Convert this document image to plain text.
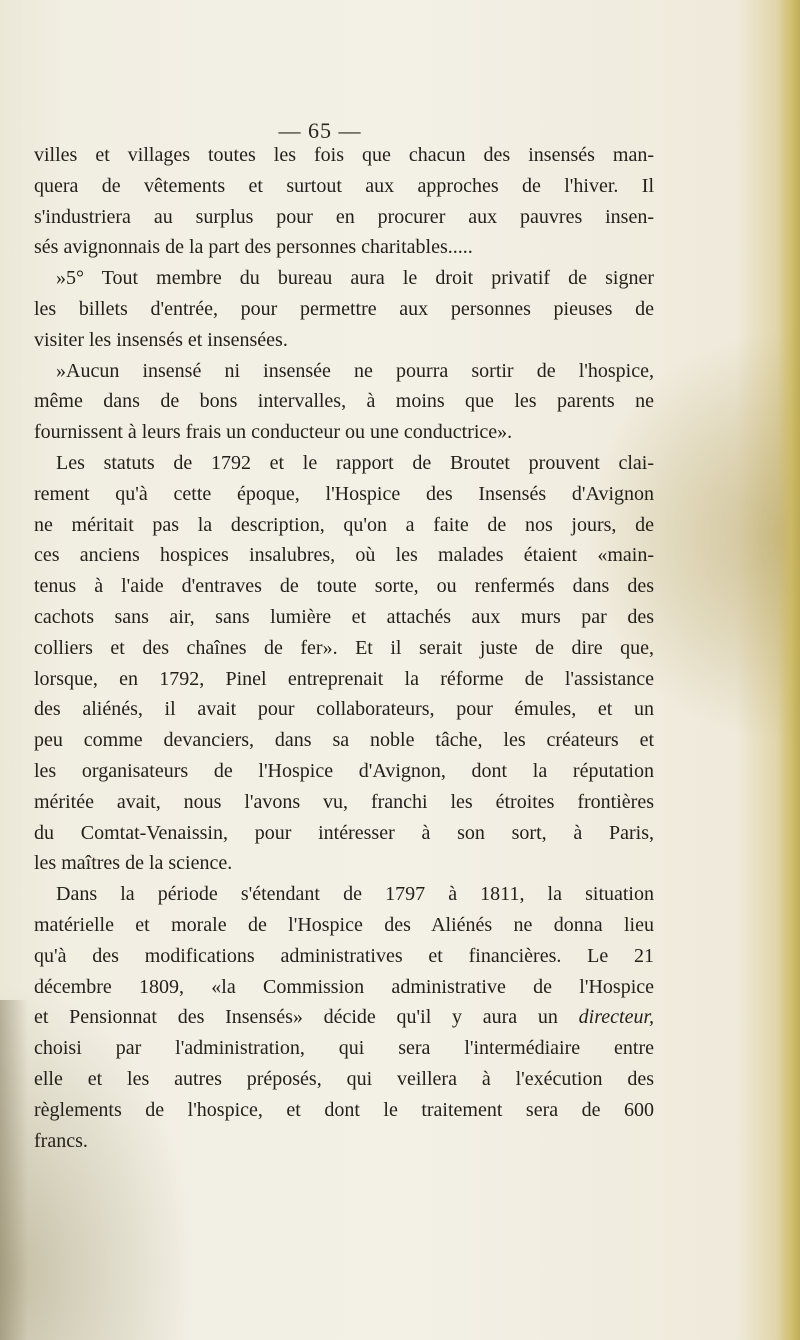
— 65 —
villes et villages toutes les fois que chacun des insensés man-
quera de vêtements et surtout aux approches de l'hiver. Il
s'industriera au surplus pour en procurer aux pauvres insen-
sés avignonnais de la part des personnes charitables.....
»5° Tout membre du bureau aura le droit privatif de signer
les billets d'entrée, pour permettre aux personnes pieuses de
visiter les insensés et insensées.
»Aucun insensé ni insensée ne pourra sortir de l'hospice,
même dans de bons intervalles, à moins que les parents ne
fournissent à leurs frais un conducteur ou une conductrice».
Les statuts de 1792 et le rapport de Broutet prouvent clai-
rement qu'à cette époque, l'Hospice des Insensés d'Avignon
ne méritait pas la description, qu'on a faite de nos jours, de
ces anciens hospices insalubres, où les malades étaient «main-
tenus à l'aide d'entraves de toute sorte, ou renfermés dans des
cachots sans air, sans lumière et attachés aux murs par des
colliers et des chaînes de fer». Et il serait juste de dire que,
lorsque, en 1792, Pinel entreprenait la réforme de l'assistance
des aliénés, il avait pour collaborateurs, pour émules, et un
peu comme devanciers, dans sa noble tâche, les créateurs et
les organisateurs de l'Hospice d'Avignon, dont la réputation
méritée avait, nous l'avons vu, franchi les étroites frontières
du Comtat-Venaissin, pour intéresser à son sort, à Paris,
les maîtres de la science.
Dans la période s'étendant de 1797 à 1811, la situation
matérielle et morale de l'Hospice des Aliénés ne donna lieu
qu'à des modifications administratives et financières. Le 21
décembre 1809, «la Commission administrative de l'Hospice
et Pensionnat des Insensés» décide qu'il y aura un directeur,
choisi par l'administration, qui sera l'intermédiaire entre
elle et les autres préposés, qui veillera à l'exécution des
règlements de l'hospice, et dont le traitement sera de 600
francs.
